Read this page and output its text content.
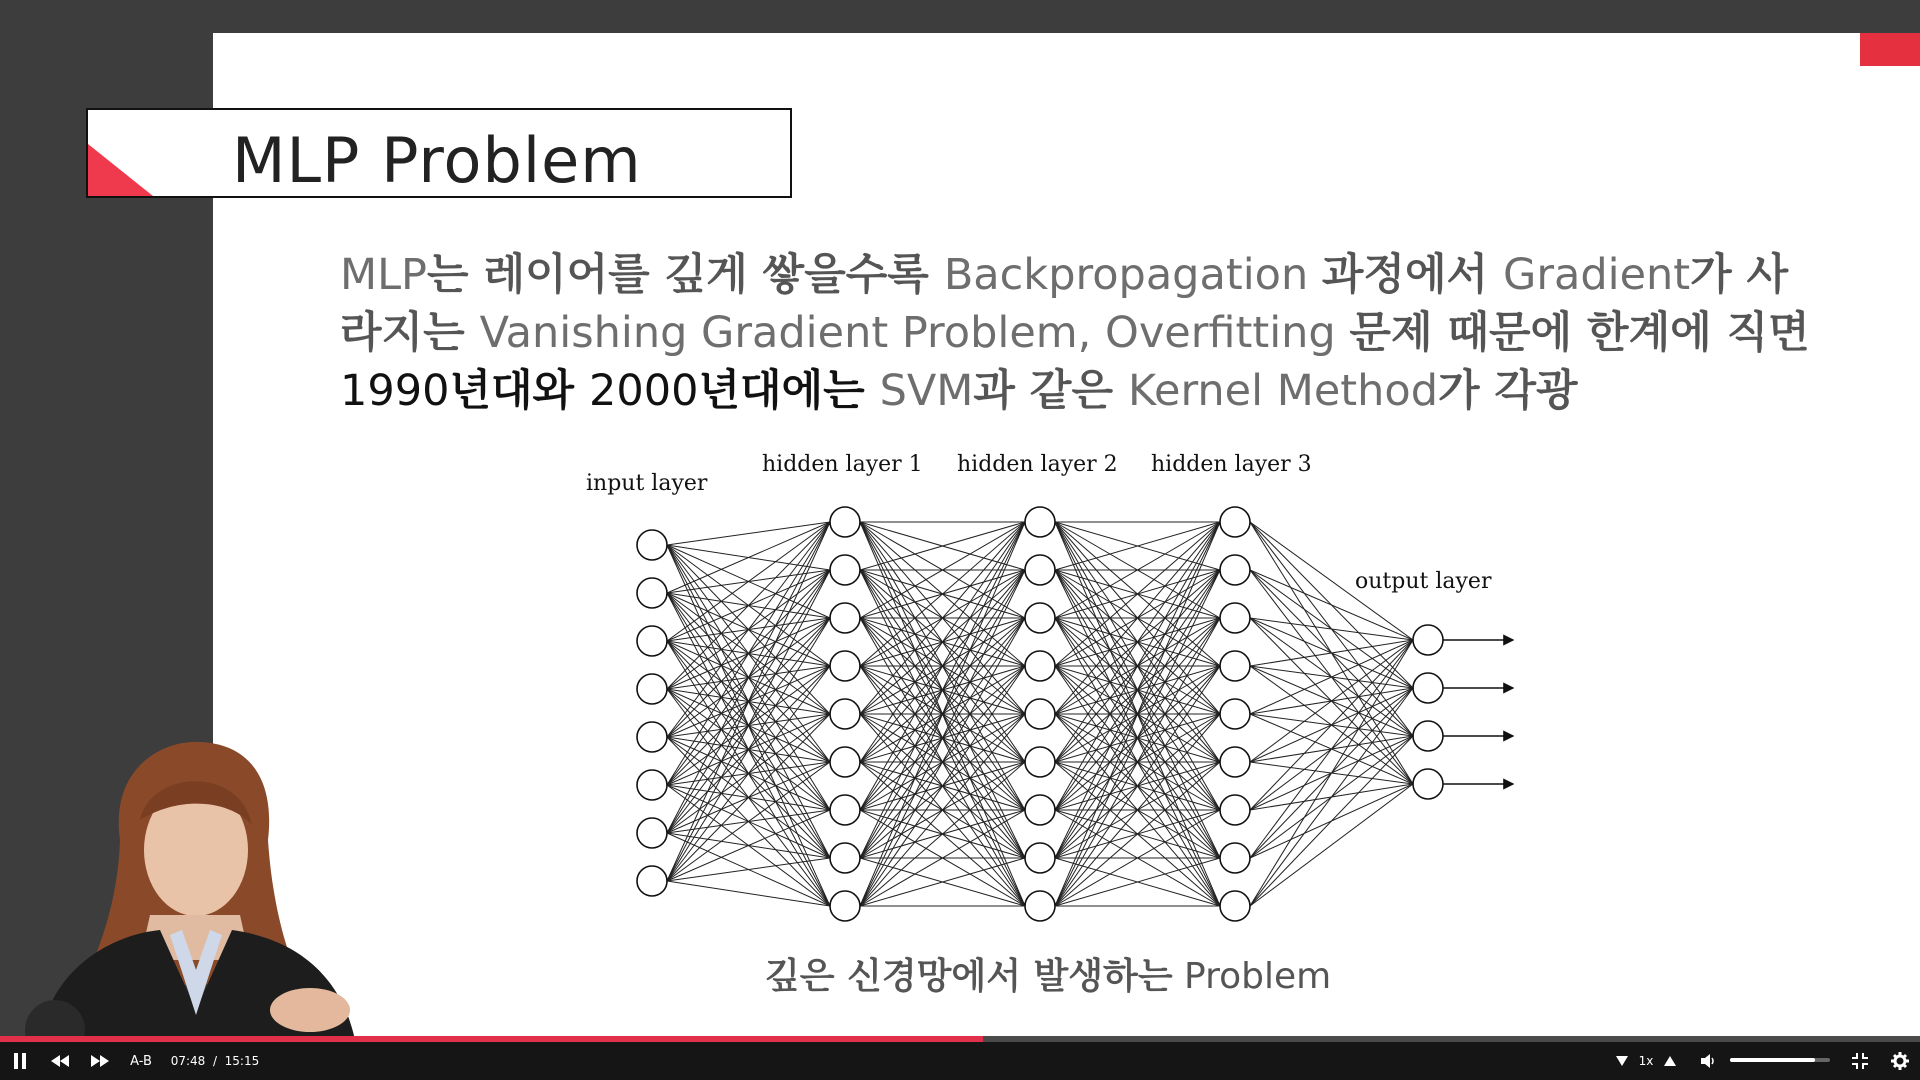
MLP Problem
MLP는 레이어를 깊게 쌓을수록 Backpropagation 과정에서 Gradient가 사
라지는 Vanishing Gradient Problem, Overfitting 문제 때문에 한계에 직면
1990년대와 2000년대에는 SVM과 같은 Kernel Method가 각광
input layer
hidden layer 1 hidden layer 2 hidden layer 3
output layer
깊은 신경망에서 발생하는 Problem
A-B	07:48
/
15:15	1x
